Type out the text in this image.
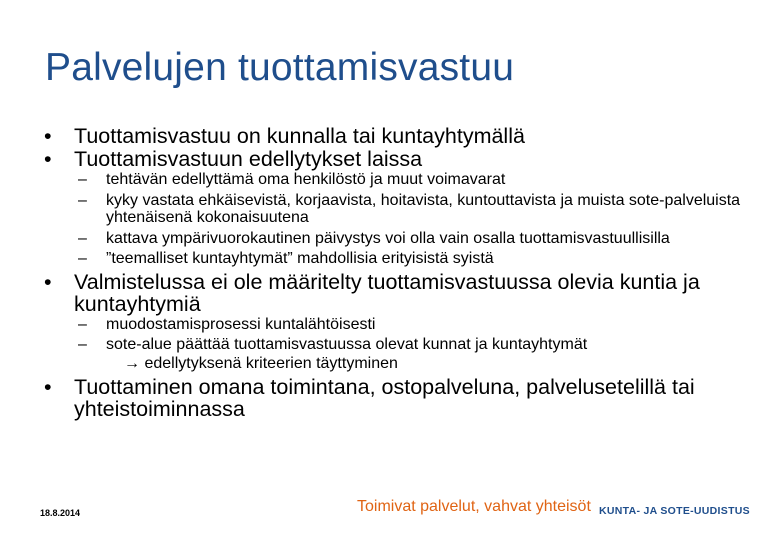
Palvelujen tuottamisvastuu
• Tuottamisvastuu on kunnalla tai kuntayhtymällä
• Tuottamisvastuun edellytykset laissa
– tehtävän edellyttämä oma henkilöstö ja muut voimavarat
– kyky vastata ehkäisevistä, korjaavista, hoitavista, kuntouttavista ja muista sote-palveluista yhtenäisenä kokonaisuutena
– kattava ympärivuorokautinen päivystys voi olla vain osalla tuottamisvastuullisilla
– ”teemalliset kuntayhtymät” mahdollisia erityisistä syistä
• Valmistelussa ei ole määritelty tuottamisvastuussa olevia kuntia ja kuntayhtymiä
– muodostamisprosessi kuntalähtöisesti
– sote-alue päättää tuottamisvastuussa olevat kunnat ja kuntayhtymät
→ edellytyksenä kriteerien täyttyminen
• Tuottaminen omana toimintana, ostopalveluna, palvelusetelillä tai yhteistoiminnassa
18.8.2014	Toimivat palvelut, vahvat yhteisöt KUNTA- JA SOTE-UUDISTUS
